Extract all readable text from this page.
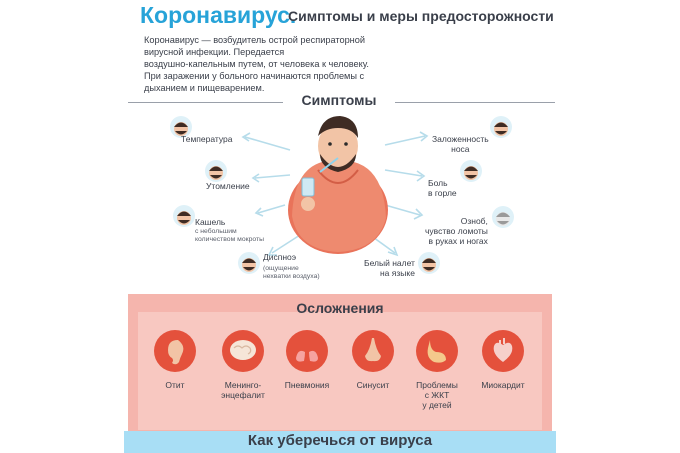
Коронавирус.
Симптомы и меры предосторожности
Коронавирус — возбудитель острой респираторной
вирусной инфекции. Передается
воздушно-капельным путем, от человека к человеку.
При заражении у больного начинаются проблемы с
дыханием и пищеварением.
Симптомы
Температура
Утомление
Кашель
с небольшим
количеством мокроты
Диспноэ
(ощущение
нехватки воздуха)
Заложенность
носа
Боль
в горле
Озноб,
чувство ломоты
в руках и ногах
Белый налет
на языке
Осложнения
Отит	Менинго-
энцефалит
Пневмония	Синусит	Проблемы
с ЖКТ
у детей
Миокардит
Как уберечься от вируса
